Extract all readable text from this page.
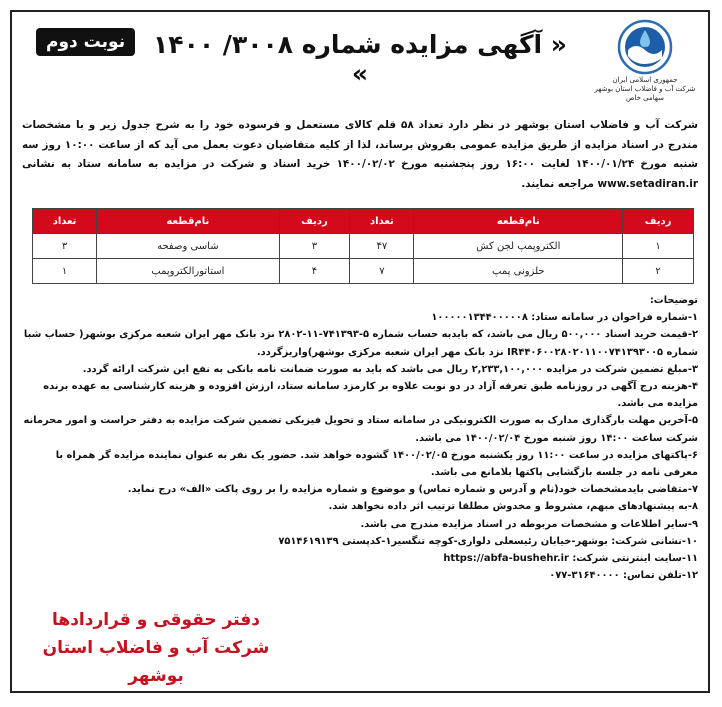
نوبت دوم	« آگهی مزایده شماره ۳۰۰۸/ ۱۴۰۰ »	جمهوری اسلامی ایران
شرکت آب و فاضلاب استان بوشهر
سهامی خاص
شرکت آب و فاضلاب استان بوشهر در نظر دارد تعداد ۵۸ قلم کالای مستعمل و فرسوده خود را به شرح جدول زیر و با مشخصات مندرج در اسناد مزایده از طریق مزایده عمومی بفروش برساند، لذا از کلیه متقاضیان دعوت بعمل می آید که از ساعت ۱۰:۰۰ روز سه شنبه مورخ ۱۴۰۰/۰۱/۲۴ لغایت ۱۶:۰۰ روز پنجشنبه مورخ ۱۴۰۰/۰۲/۰۲ خرید اسناد و شرکت در مزایده به سامانه ستاد به نشانی www.setadiran.ir مراجعه نمایند.
ردیف	نام‌قطعه	تعداد	ردیف	نام‌قطعه	تعداد
۱	الکتروپمپ لجن کش	۴۷	۳	شاسی وصفحه	۳
۲	حلزونی پمپ	۷	۴	استاتورالکتروپمپ	۱

توضیحات:

۱-شماره فراخوان در سامانه ستاد: ۱۰۰۰۰۰۱۳۴۴۰۰۰۰۰۸

۲-قیمت خرید اسناد ۵۰۰,۰۰۰ ریال می باشد، که بایدبه حساب شماره ۵-۷۴۱۳۹۳-۱۱-۲۸۰۲ نزد بانک مهر ایران شعبه مرکزی بوشهر( حساب شبا شماره IR۴۴۰۶۰۰۲۸۰۲۰۱۱۰۰۷۴۱۳۹۳۰۰۵ نزد بانک مهر ایران شعبه مرکزی بوشهر)واریزگردد.

۳-مبلغ تضمین شرکت در مزایده ۲,۲۳۳,۱۰۰,۰۰۰ ریال می باشد که باید به صورت ضمانت نامه بانکی به نفع این شرکت ارائه گردد.

۴-هزینه درج آگهی در روزنامه طبق تعرفه آزاد در دو نوبت علاوه بر کارمزد سامانه ستاد، ارزش افزوده و هزینه کارشناسی به عهده برنده مزایده می باشد.

۵-آخرین مهلت بارگذاری مدارک به صورت الکترونیکی در سامانه ستاد و تحویل فیزیکی تضمین شرکت مزایده به دفتر حراست و امور محرمانه شرکت ساعت ۱۴:۰۰ روز شنبه مورخ ۱۴۰۰/۰۲/۰۴ می باشد.

۶-پاکتهای مزایده در ساعت ۱۱:۰۰ روز یکشنبه مورخ ۱۴۰۰/۰۲/۰۵ گشوده خواهد شد. حضور یک نفر به عنوان نماینده مزایده گر همراه با معرفی نامه در جلسه بازگشایی پاکتها بلامانع می باشد.

۷-متقاضی بایدمشخصات خود(نام و آدرس و شماره تماس) و موضوع و شماره مزایده را بر روی پاکت «الف» درج نماید.

۸-به پیشنهادهای مبهم، مشروط و مخدوش مطلقا ترتیب اثر داده نخواهد شد.

۹-سایر اطلاعات و مشخصات مربوطه در اسناد مزایده مندرج می باشد.

۱۰-نشانی شرکت: بوشهر-خیابان رئیسعلی دلواری-کوچه تنگسیر۱-کدپستی ۷۵۱۴۶۱۹۱۳۹

۱۱-سایت اینترنتی شرکت: https://abfa-bushehr.ir

۱۲-تلفن تماس: ۳۱۶۴۰۰۰۰-۰۷۷

دفتر حقوقی و قراردادها
شرکت آب و فاضلاب استان بوشهر
